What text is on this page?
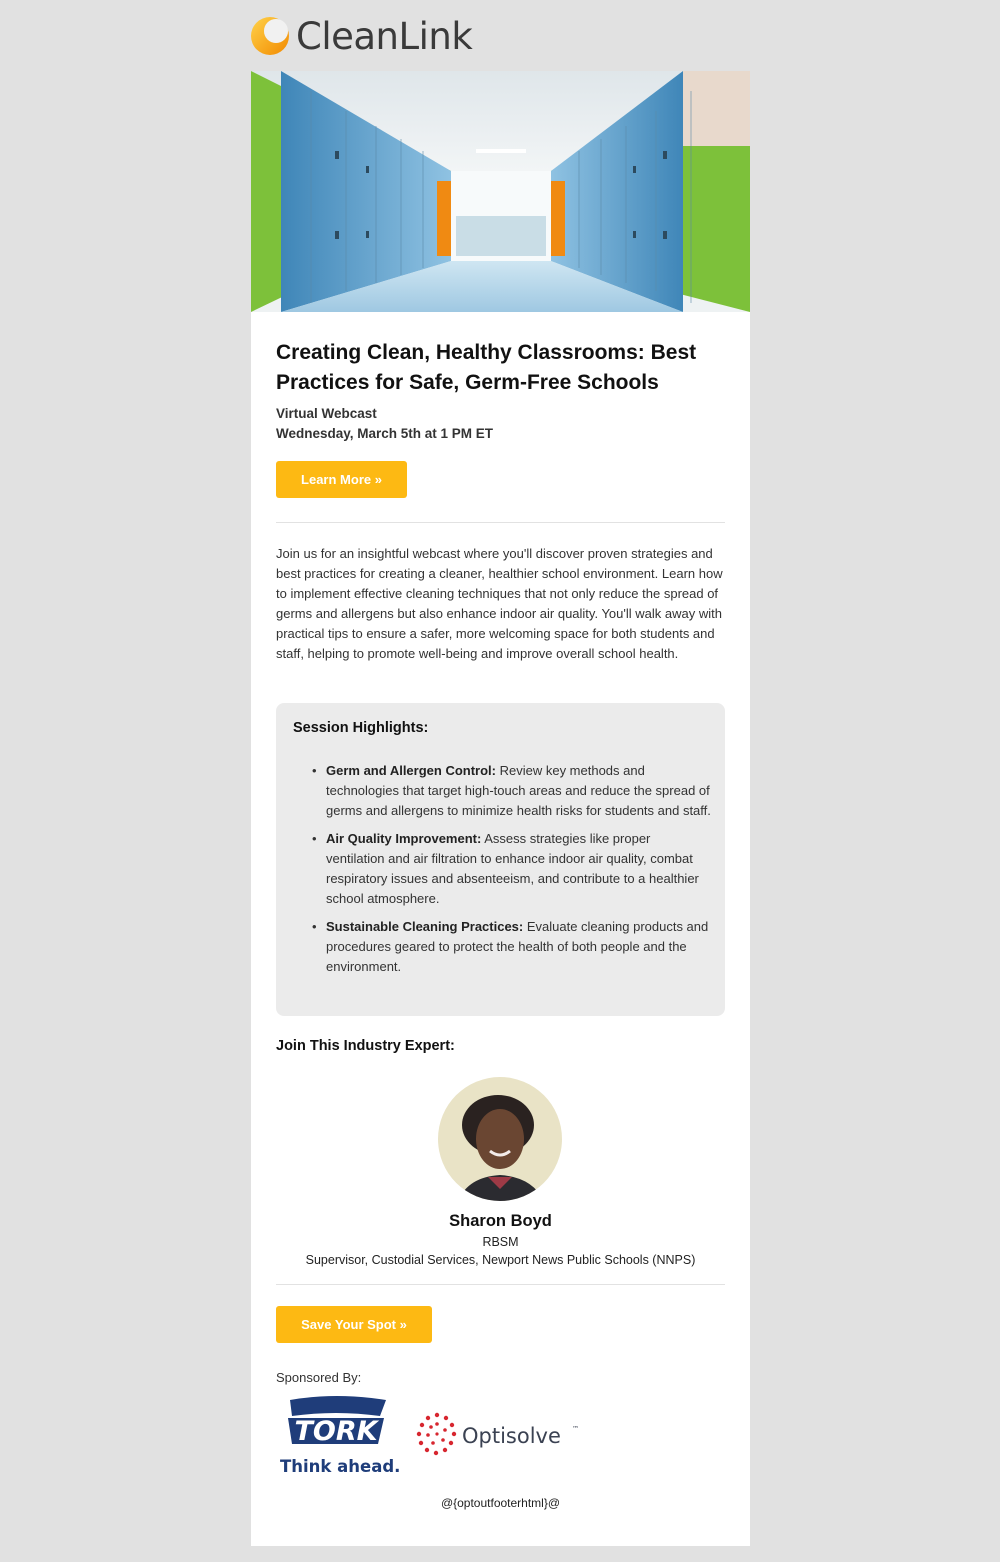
CleanLink
Creating Clean, Healthy Classrooms: Best Practices for Safe, Germ-Free Schools
Virtual Webcast
Wednesday, March 5th at 1 PM ET
Learn More »

Join us for an insightful webcast where you'll discover proven strategies and best practices for creating a cleaner, healthier school environment. Learn how to implement effective cleaning techniques that not only reduce the spread of germs and allergens but also enhance indoor air quality. You'll walk away with practical tips to ensure a safer, more welcoming space for both students and staff, helping to promote well-being and improve overall school health.

Session Highlights:
• Germ and Allergen Control: Review key methods and technologies that target high-touch areas and reduce the spread of germs and allergens to minimize health risks for students and staff.
• Air Quality Improvement: Assess strategies like proper ventilation and air filtration to enhance indoor air quality, combat respiratory issues and absenteeism, and contribute to a healthier school atmosphere.
• Sustainable Cleaning Practices: Evaluate cleaning products and procedures geared to protect the health of both people and the environment.
Join This Industry Expert:
Sharon Boyd
RBSM
Supervisor, Custodial Services, Newport News Public Schools (NNPS)
Save Your Spot »
Sponsored By:
TORK
Think ahead.
Optisolve ™
@{optoutfooterhtml}@
